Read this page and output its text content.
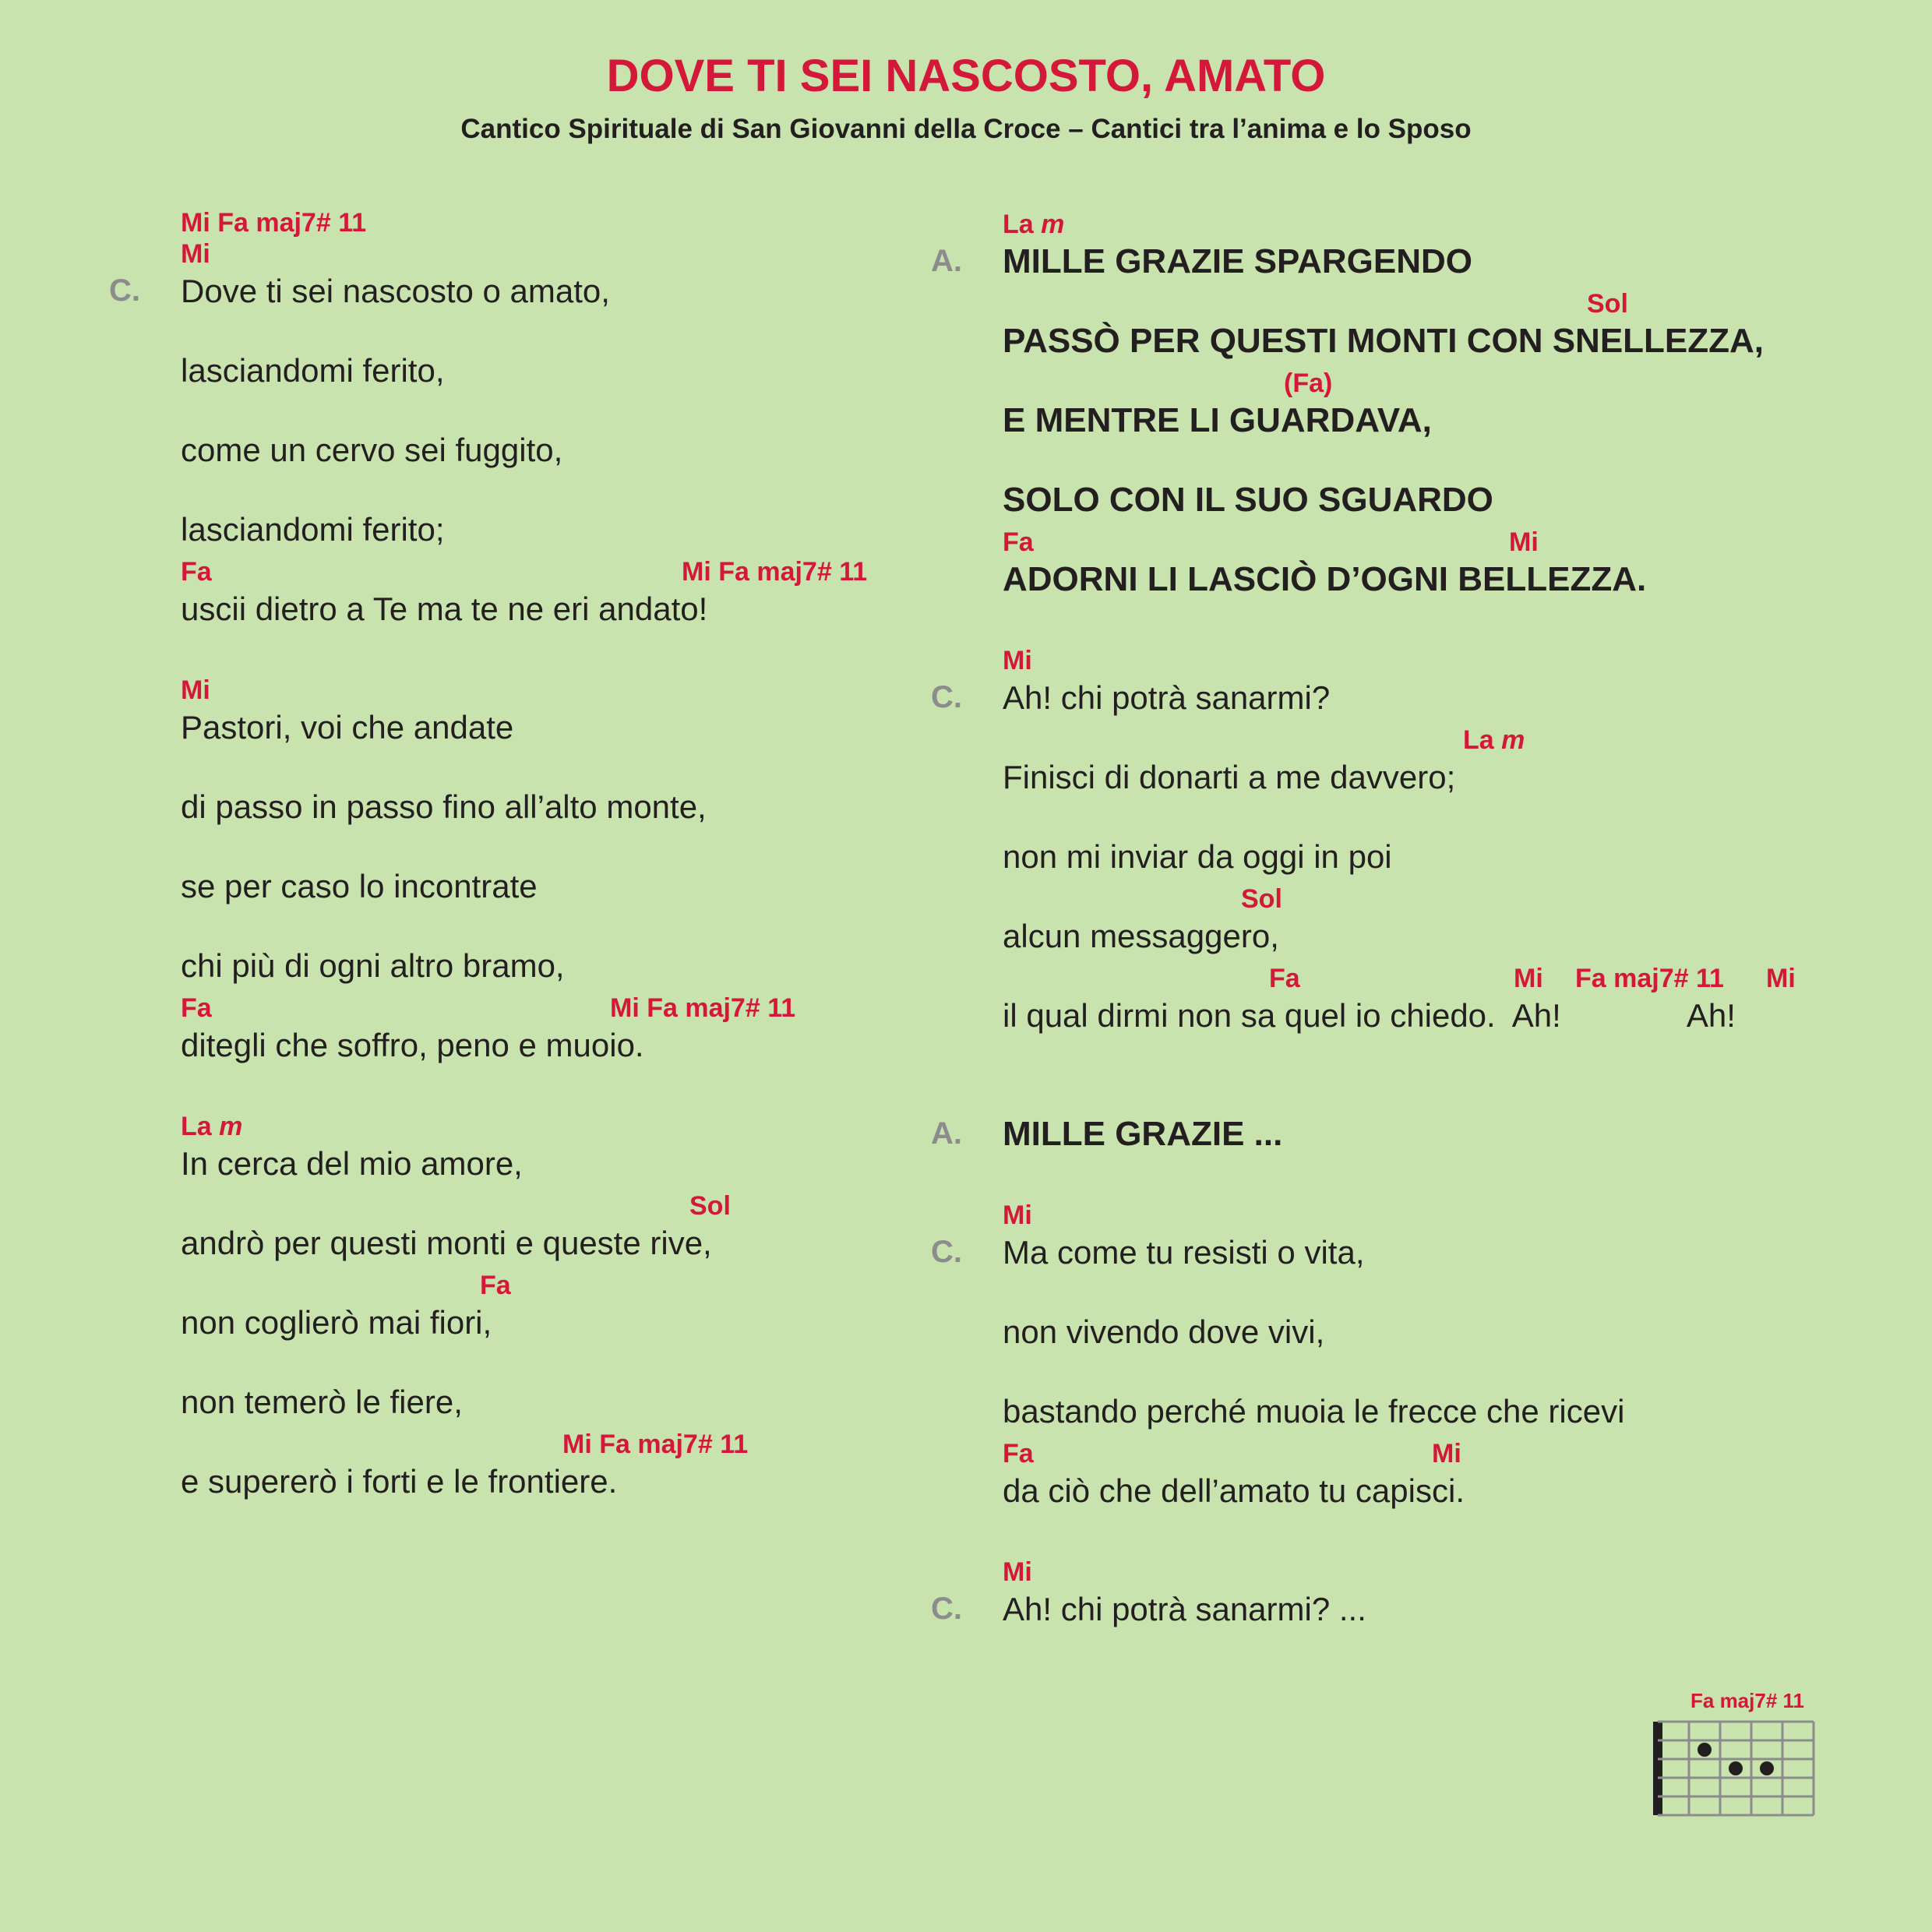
DOVE TI SEI NASCOSTO, AMATO
Cantico Spirituale di San Giovanni della Croce – Cantici tra l’anima e lo Sposo
C.
Mi Fa maj7# 11
Mi
Dove ti sei nascosto o amato,
lasciandomi ferito,
come un cervo sei fuggito,
lasciandomi ferito;
Fa	Mi Fa maj7# 11
uscii dietro a Te ma te ne eri andato!
Mi
Pastori, voi che andate
di passo in passo fino all’alto monte,
se per caso lo incontrate
chi più di ogni altro bramo,
Fa	Mi Fa maj7# 11
ditegli che soffro, peno e muoio.
La m
In cerca del mio amore,
Sol
andrò per questi monti e queste rive,
Fa
non coglierò mai fiori,
non temerò le fiere,
Mi Fa maj7# 11
e supererò i forti e le frontiere.
A.
La m
MILLE GRAZIE SPARGENDO
Sol
PASSÒ PER QUESTI MONTI CON SNELLEZZA,
(Fa)
E MENTRE LI GUARDAVA,
SOLO CON IL SUO SGUARDO
Fa	Mi
ADORNI LI LASCIÒ D’OGNI BELLEZZA.
C.
Mi
Ah! chi potrà sanarmi?
La m
Finisci di donarti a me davvero;
non mi inviar da oggi in poi
Sol
alcun messaggero,
Fa	Mi Fa maj7# 11 Mi
il qual dirmi non sa quel io chiedo.  Ah!              Ah!
A.	MILLE GRAZIE ...
C.
Mi
Ma come tu resisti o vita,
non vivendo dove vivi,
bastando perché muoia le frecce che ricevi
Fa	Mi
da ciò che dell’amato tu capisci.
C.
Mi
Ah! chi potrà sanarmi? ...
Fa maj7# 11
